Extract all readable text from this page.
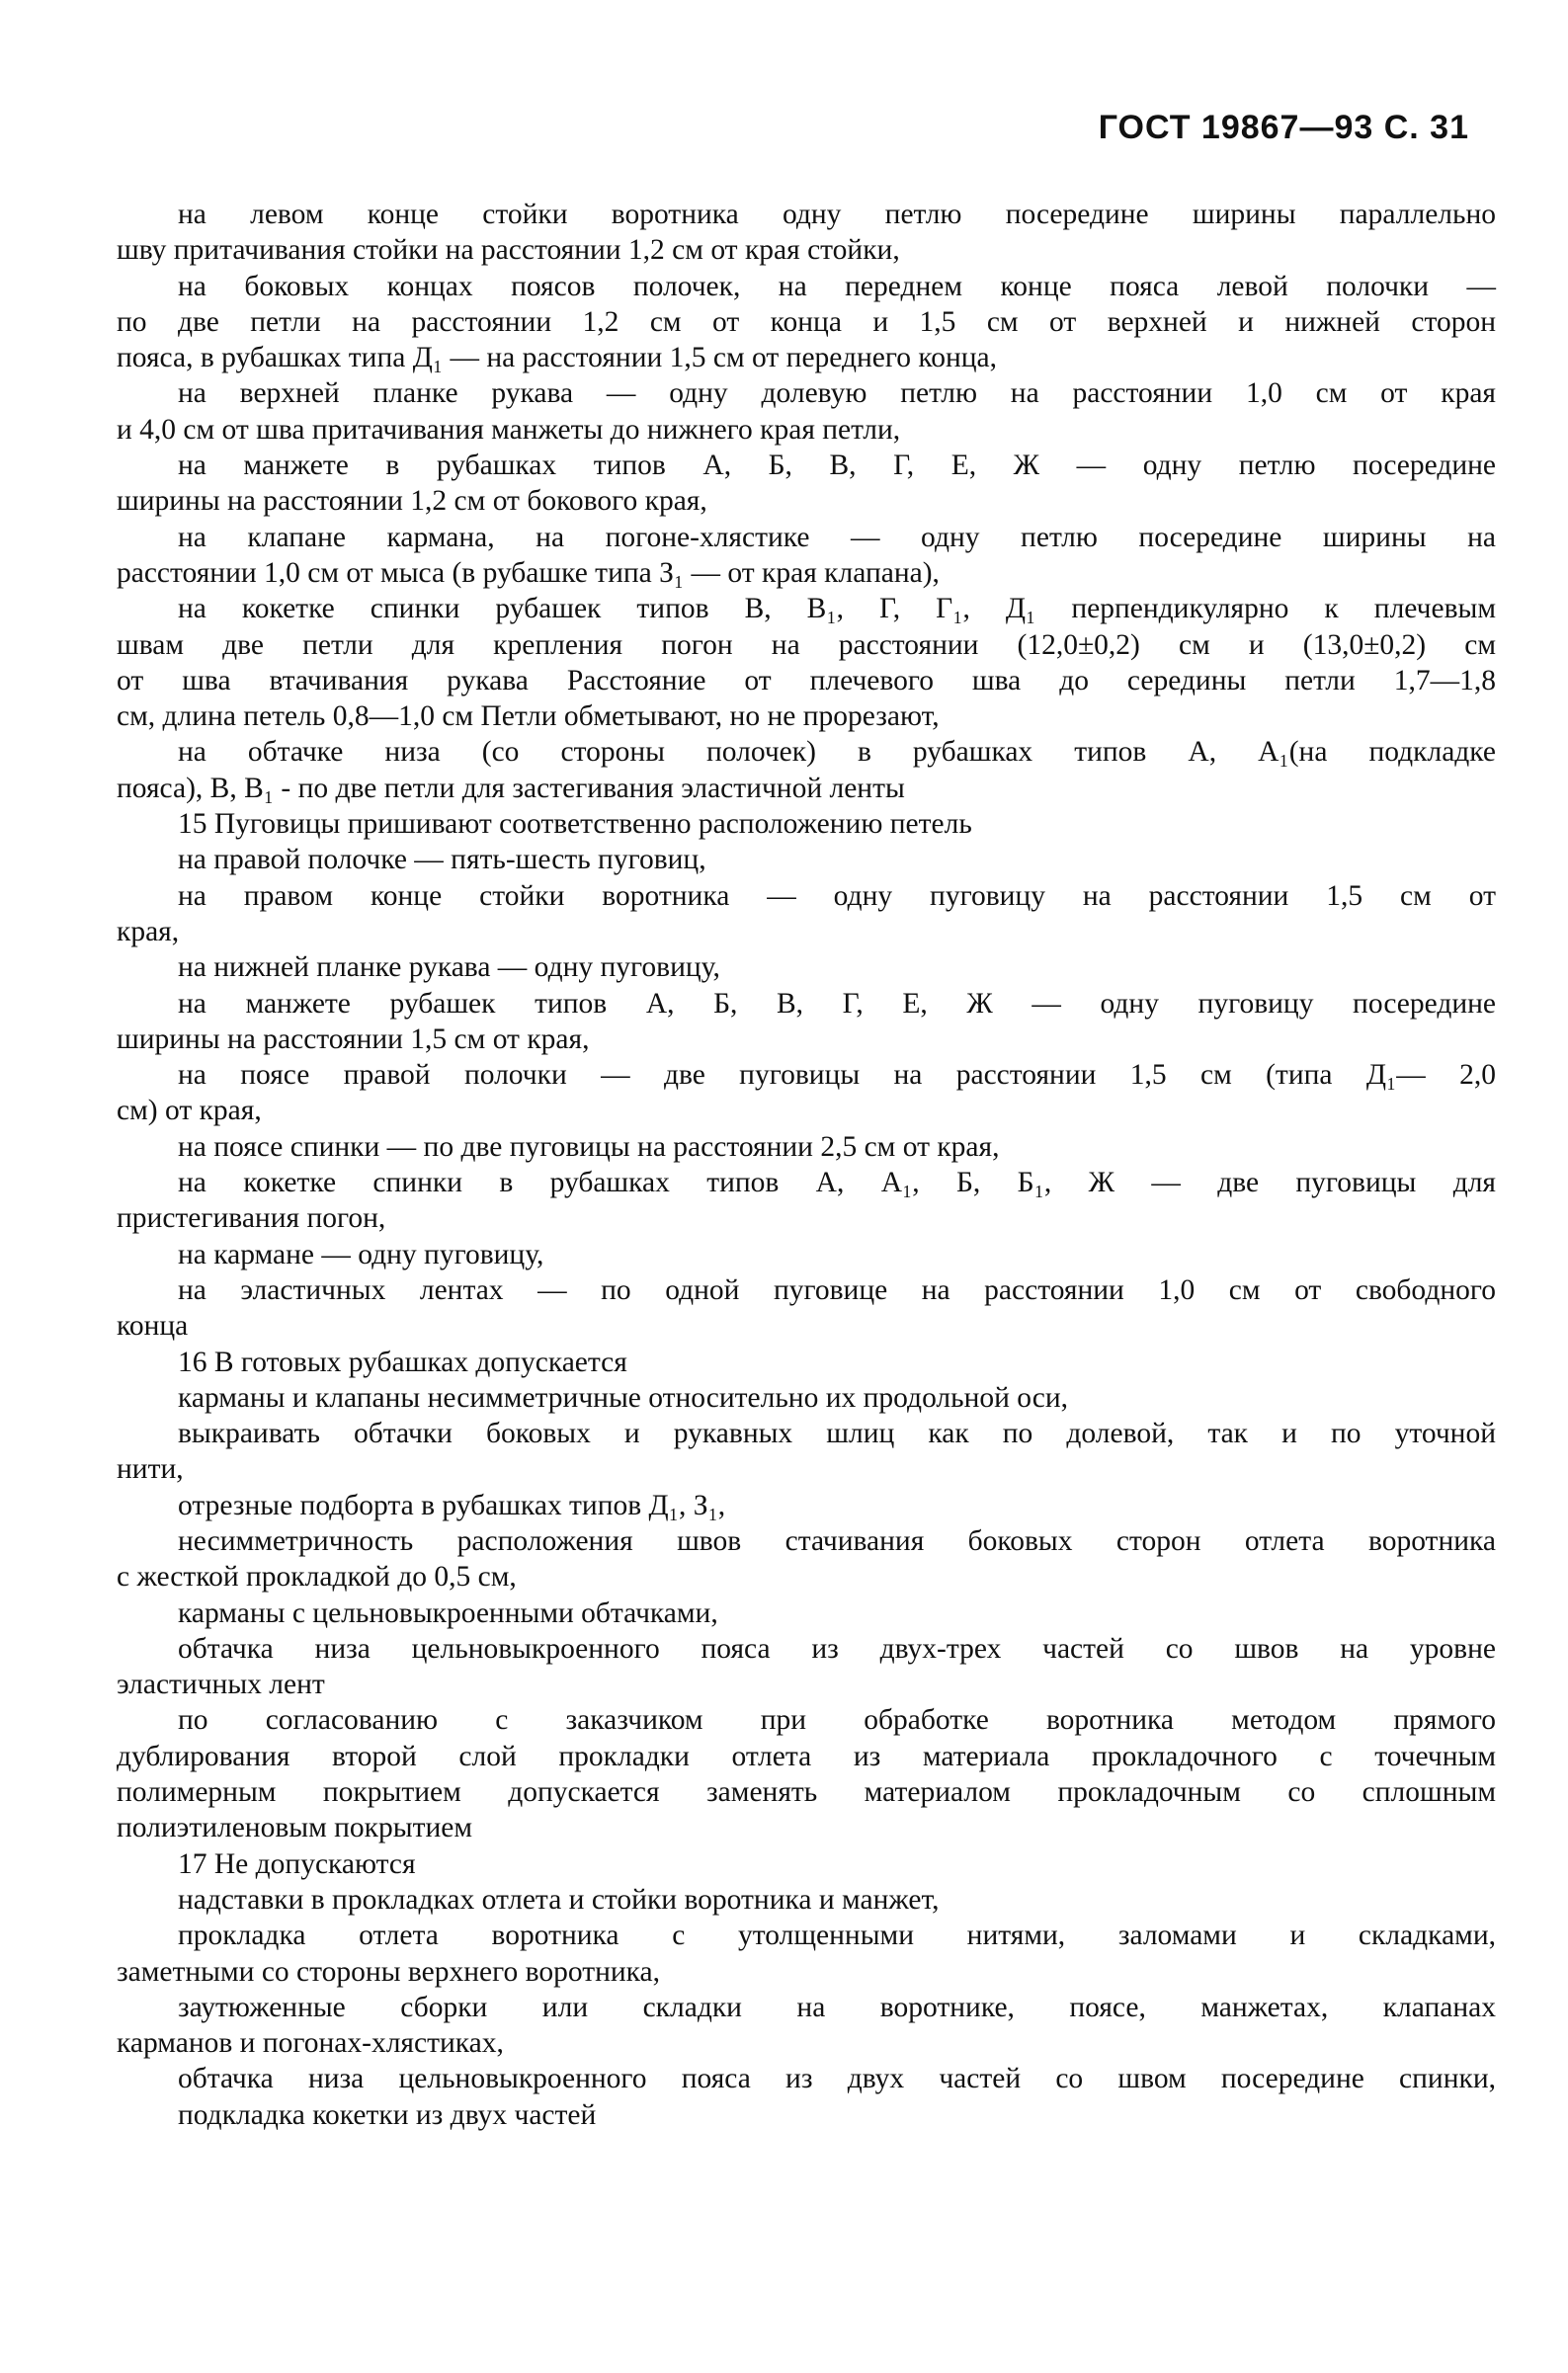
ГОСТ 19867—93 С. 31
на левом конце стойки воротника одну петлю посередине ширины параллельно
шву притачивания стойки на расстоянии 1,2 см от края стойки,
на боковых концах поясов полочек, на переднем конце пояса левой полочки —
по две петли на расстоянии 1,2 см от конца и 1,5 см от верхней и нижней сторон
пояса, в рубашках типа Д₁ — на расстоянии 1,5 см от переднего конца,
на верхней планке рукава — одну долевую петлю на расстоянии 1,0 см от края
и 4,0 см от шва притачивания манжеты до нижнего края петли,
на манжете в рубашках типов А, Б, В, Г, Е, Ж — одну петлю посередине
ширины на расстоянии 1,2 см от бокового края,
на клапане кармана, на погоне-хлястике — одну петлю посередине ширины на
расстоянии 1,0 см от мыса (в рубашке типа З₁ — от края клапана),
на кокетке спинки рубашек типов В, В₁, Г, Г₁, Д₁ перпендикулярно к плечевым
швам две петли для крепления погон на расстоянии (12,0±0,2) см и (13,0±0,2) см
от шва втачивания рукава Расстояние от плечевого шва до середины петли 1,7—1,8
см, длина петель 0,8—1,0 см Петли обметывают, но не прорезают,
на обтачке низа (со стороны полочек) в рубашках типов А, А₁(на подкладке
пояса), В, В₁ - по две петли для застегивания эластичной ленты
15 Пуговицы пришивают соответственно расположению петель
на правой полочке — пять-шесть пуговиц,
на правом конце стойки воротника — одну пуговицу на расстоянии 1,5 см от
края,
на нижней планке рукава — одну пуговицу,
на манжете рубашек типов А, Б, В, Г, Е, Ж — одну пуговицу посередине
ширины на расстоянии 1,5 см от края,
на поясе правой полочки — две пуговицы на расстоянии 1,5 см (типа Д₁— 2,0
см) от края,
на поясе спинки — по две пуговицы на расстоянии 2,5 см от края,
на кокетке спинки в рубашках типов А, А₁, Б, Б₁, Ж — две пуговицы для
пристегивания погон,
на кармане — одну пуговицу,
на эластичных лентах — по одной пуговице на расстоянии 1,0 см от свободного
конца
16 В готовых рубашках допускается
карманы и клапаны несимметричные относительно их продольной оси,
выкраивать обтачки боковых и рукавных шлиц как по долевой, так и по уточной
нити,
отрезные подборта в рубашках типов Д₁, З₁,
несимметричность расположения швов стачивания боковых сторон отлета воротника
с жесткой прокладкой до 0,5 см,
карманы с цельновыкроенными обтачками,
обтачка низа цельновыкроенного пояса из двух-трех частей со швов на уровне
эластичных лент
по согласованию с заказчиком при обработке воротника методом прямого
дублирования второй слой прокладки отлета из материала прокладочного с точечным
полимерным покрытием допускается заменять материалом прокладочным со сплошным
полиэтиленовым покрытием
17 Не допускаются
надставки в прокладках отлета и стойки воротника и манжет,
прокладка отлета воротника с утолщенными нитями, заломами и складками,
заметными со стороны верхнего воротника,
заутюженные сборки или складки на воротнике, поясе, манжетах, клапанах
карманов и погонах-хлястиках,
обтачка низа цельновыкроенного пояса из двух частей со швом посередине спинки,
подкладка кокетки из двух частей
